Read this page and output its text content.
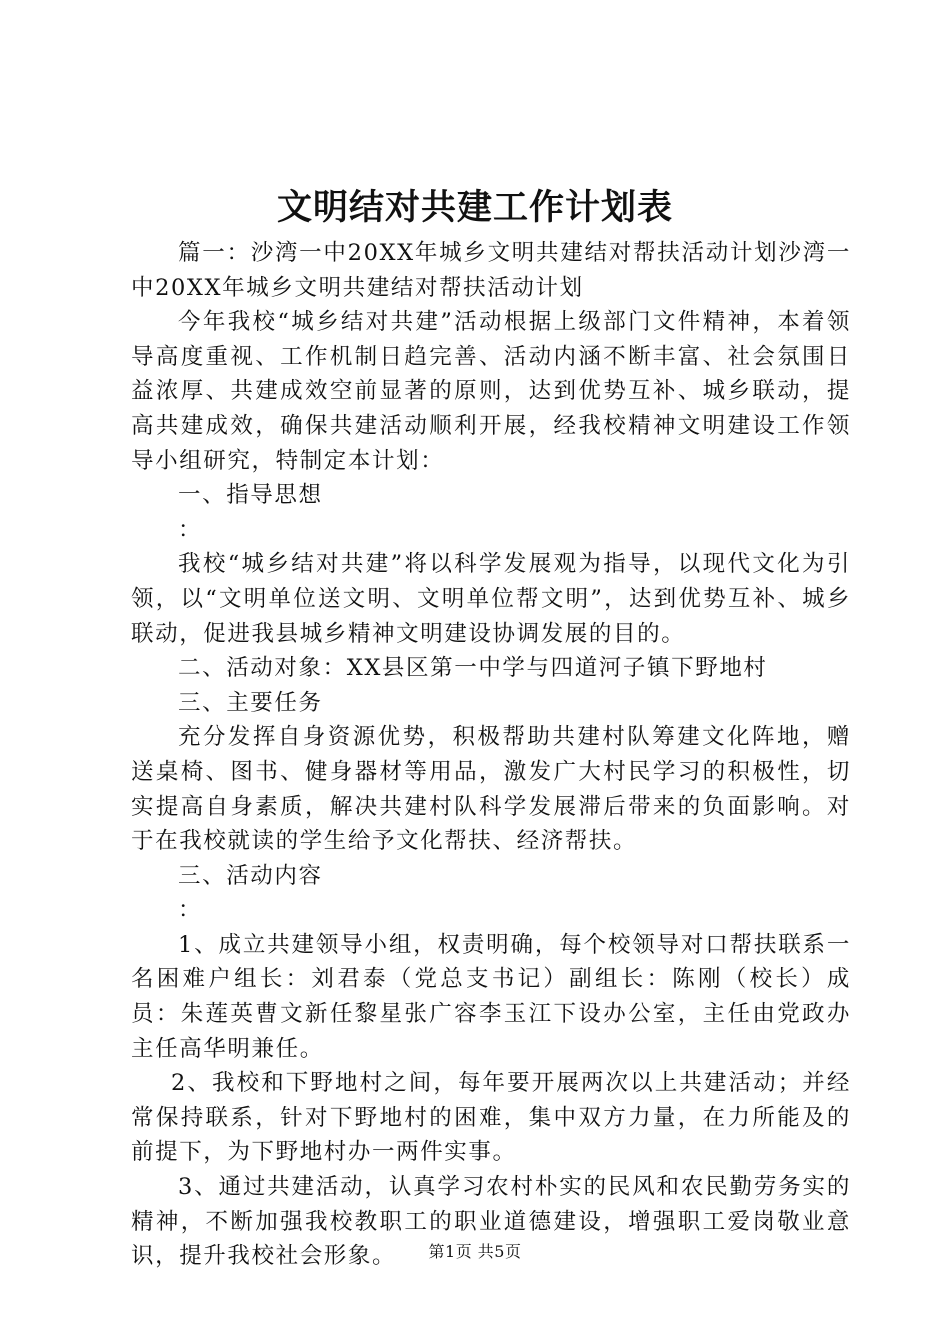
文明结对共建工作计划表

篇一：沙湾一中20XX年城乡文明共建结对帮扶活动计划沙湾一中20XX年城乡文明共建结对帮扶活动计划

今年我校“城乡结对共建”活动根据上级部门文件精神，本着领导高度重视、工作机制日趋完善、活动内涵不断丰富、社会氛围日益浓厚、共建成效空前显著的原则，达到优势互补、城乡联动，提高共建成效，确保共建活动顺利开展，经我校精神文明建设工作领导小组研究，特制定本计划：

一、指导思想

：

我校“城乡结对共建”将以科学发展观为指导，以现代文化为引领，以“文明单位送文明、文明单位帮文明”，达到优势互补、城乡联动，促进我县城乡精神文明建设协调发展的目的。

二、活动对象：XX县区第一中学与四道河子镇下野地村

三、主要任务

充分发挥自身资源优势，积极帮助共建村队筹建文化阵地，赠送桌椅、图书、健身器材等用品，激发广大村民学习的积极性，切实提高自身素质，解决共建村队科学发展滞后带来的负面影响。对于在我校就读的学生给予文化帮扶、经济帮扶。

三、活动内容

：

1、成立共建领导小组，权责明确，每个校领导对口帮扶联系一名困难户组长：刘君泰（党总支书记）副组长：陈刚（校长）成员：朱莲英曹文新任黎星张广容李玉江下设办公室，主任由党政办主任高华明兼任。

2、我校和下野地村之间，每年要开展两次以上共建活动；并经常保持联系，针对下野地村的困难，集中双方力量，在力所能及的前提下，为下野地村办一两件实事。

3、通过共建活动，认真学习农村朴实的民风和农民勤劳务实的精神，不断加强我校教职工的职业道德建设，增强职工爱岗敬业意识，提升我校社会形象。	第1页 共5页
